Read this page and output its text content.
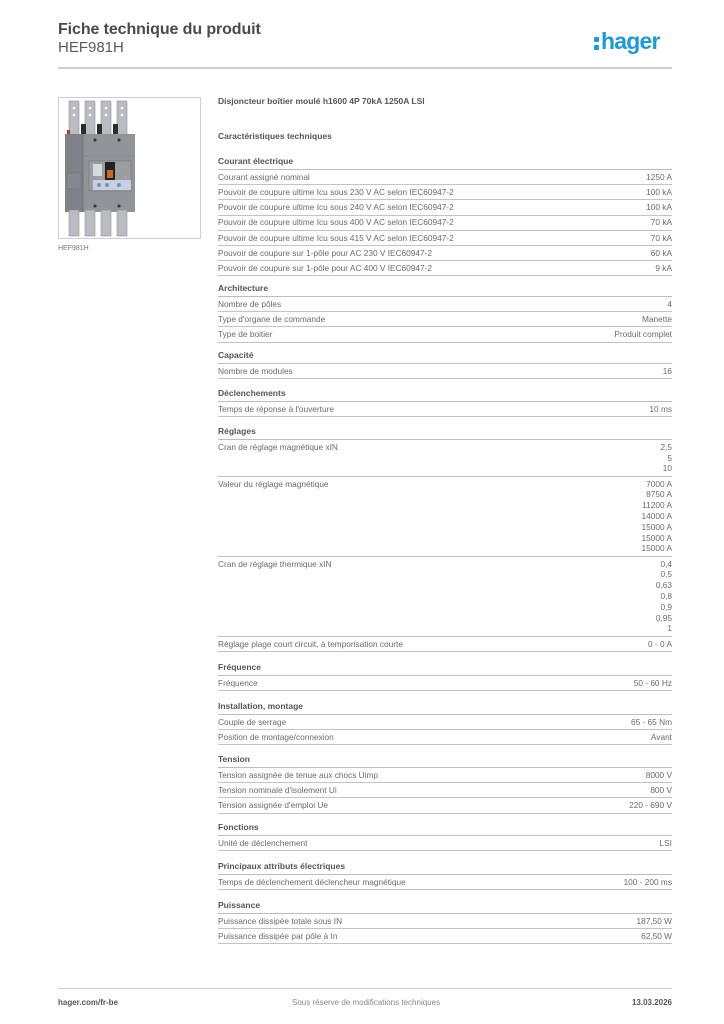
Fiche technique du produit
HEF981H	hager
HEF981H
Disjoncteur boîtier moulé h1600 4P 70kA 1250A LSI
Caractéristiques techniques
Courant électrique
Courant assigné nominal	1250 A
Pouvoir de coupure ultime Icu sous 230 V AC selon IEC60947-2	100 kA
Pouvoir de coupure ultime Icu sous 240 V AC selon IEC60947-2	100 kA
Pouvoir de coupure ultime Icu sous 400 V AC selon IEC60947-2	70 kA
Pouvoir de coupure ultime Icu sous 415 V AC selon IEC60947-2	70 kA
Pouvoir de coupure sur 1-pôle pour AC 230 V IEC60947-2	60 kA
Pouvoir de coupure sur 1-pôle pour AC 400 V IEC60947-2	9 kA
Architecture
Nombre de pôles	4
Type d'organe de commande	Manette
Type de boitier	Produit complet
Capacité
Nombre de modules	16
Déclenchements
Temps de réponse à l'ouverture	10 ms
Réglages
Cran de réglage magnétique xIN	2,5
5
10
Valeur du réglage magnétique	7000 A
8750 A
11200 A
14000 A
15000 A
15000 A
15000 A
Cran de réglage thermique xIN	0,4
0,5
0,63
0,8
0,9
0,95
1
Réglage plage court circuit, à temporisation courte	0 - 0 A
Fréquence
Fréquence	50 - 60 Hz
Installation, montage
Couple de serrage	65 - 65 Nm
Position de montage/connexion	Avant
Tension
Tension assignée de tenue aux chocs Uimp	8000 V
Tension nominale d'isolement Ui	800 V
Tension assignée d'emploi Ue	220 - 690 V
Fonctions
Unité de déclenchement	LSI
Principaux attributs électriques
Temps de déclenchement déclencheur magnétique	100 - 200 ms
Puissance
Puissance dissipée totale sous IN	187,50 W
Puissance dissipée par pôle à In	62,50 W
hager.com/fr-be	Sous réserve de modifications techniques	13.03.2026
